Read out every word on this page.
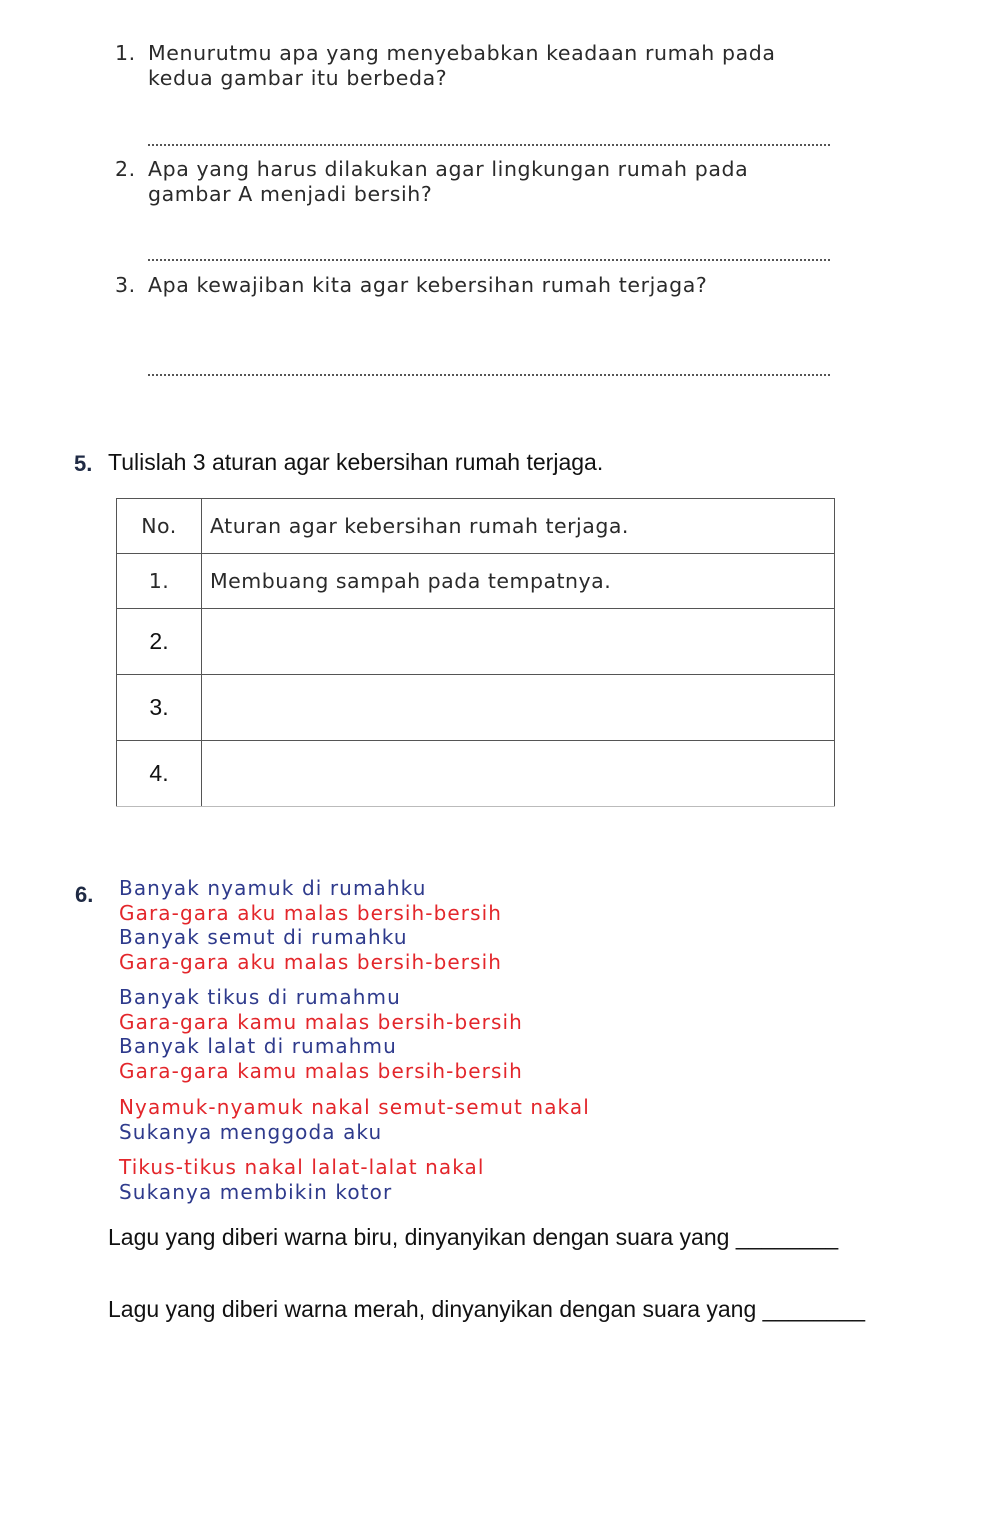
1. Menurutmu apa yang menyebabkan keadaan rumah pada kedua gambar itu berbeda?
2. Apa yang harus dilakukan agar lingkungan rumah pada gambar A menjadi bersih?
3. Apa kewajiban kita agar kebersihan rumah terjaga?
5. Tulislah 3 aturan agar kebersihan rumah terjaga.
No.	Aturan agar kebersihan rumah terjaga.
1.	Membuang sampah pada tempatnya.
2.	
3.	
4.	
6. Banyak nyamuk di rumahku
Gara-gara aku malas bersih-bersih
Banyak semut di rumahku
Gara-gara aku malas bersih-bersih
Banyak tikus di rumahmu
Gara-gara kamu malas bersih-bersih
Banyak lalat di rumahmu
Gara-gara kamu malas bersih-bersih
Nyamuk-nyamuk nakal semut-semut nakal
Sukanya menggoda aku
Tikus-tikus nakal lalat-lalat nakal
Sukanya membikin kotor
Lagu yang diberi warna biru, dinyanyikan dengan suara yang ________
Lagu yang diberi warna merah, dinyanyikan dengan suara yang ________
